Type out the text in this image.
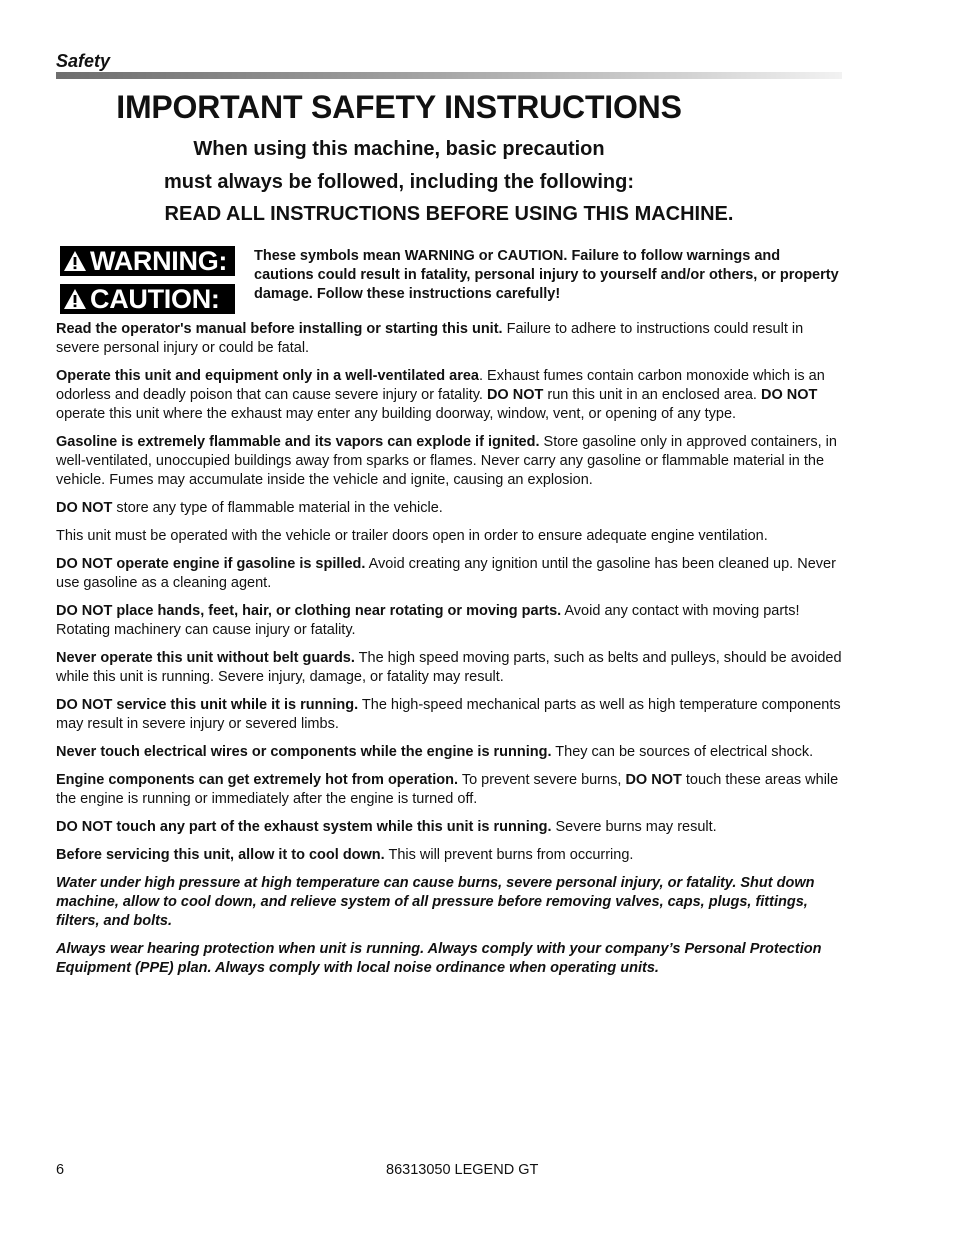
Safety
IMPORTANT SAFETY INSTRUCTIONS
When using this machine, basic precaution
must always be followed, including the following:
READ ALL INSTRUCTIONS BEFORE USING THIS MACHINE.
WARNING:
CAUTION:
These symbols mean WARNING or CAUTION. Failure to follow warnings and cautions could result in fatality, personal injury to yourself and/or others, or property damage. Follow these instructions carefully!

Read the operator's manual before installing or starting this unit. Failure to adhere to instructions could result in severe personal injury or could be fatal.

Operate this unit and equipment only in a well-ventilated area. Exhaust fumes contain carbon monoxide which is an odorless and deadly poison that can cause severe injury or fatality. DO NOT run this unit in an enclosed area. DO NOT operate this unit where the exhaust may enter any building doorway, window, vent, or opening of any type.

Gasoline is extremely flammable and its vapors can explode if ignited. Store gasoline only in approved containers, in well-ventilated, unoccupied buildings away from sparks or flames. Never carry any gasoline or flammable material in the vehicle. Fumes may accumulate inside the vehicle and ignite, causing an explosion.

DO NOT store any type of flammable material in the vehicle.

This unit must be operated with the vehicle or trailer doors open in order to ensure adequate engine ventilation.

DO NOT operate engine if gasoline is spilled. Avoid creating any ignition until the gasoline has been cleaned up. Never use gasoline as a cleaning agent.

DO NOT place hands, feet, hair, or clothing near rotating or moving parts. Avoid any contact with moving parts! Rotating machinery can cause injury or fatality.

Never operate this unit without belt guards. The high speed moving parts, such as belts and pulleys, should be avoided while this unit is running. Severe injury, damage, or fatality may result.

DO NOT service this unit while it is running. The high-speed mechanical parts as well as high temperature components may result in severe injury or severed limbs.

Never touch electrical wires or components while the engine is running. They can be sources of electrical shock.

Engine components can get extremely hot from operation. To prevent severe burns, DO NOT touch these areas while the engine is running or immediately after the engine is turned off.

DO NOT touch any part of the exhaust system while this unit is running. Severe burns may result.

Before servicing this unit, allow it to cool down. This will prevent burns from occurring.

Water under high pressure at high temperature can cause burns, severe personal injury, or fatality. Shut down machine, allow to cool down, and relieve system of all pressure before removing valves, caps, plugs, fittings, filters, and bolts.

Always wear hearing protection when unit is running. Always comply with your company’s Personal Protection Equipment (PPE) plan. Always comply with local noise ordinance when operating units.

6	86313050 LEGEND GT
